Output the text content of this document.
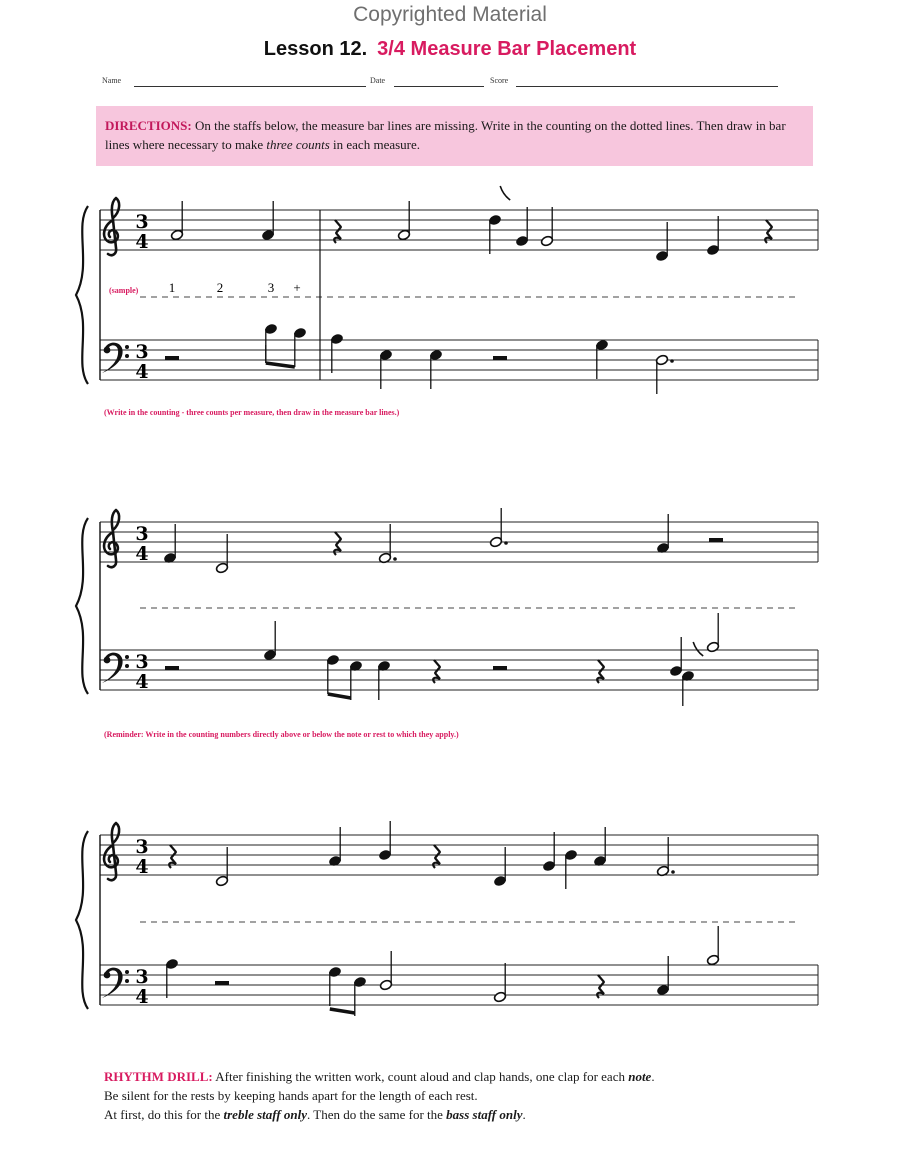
Copyrighted Material
Lesson 12. 3/4 Measure Bar Placement
Name	Date	Score
DIRECTIONS: On the staffs below, the measure bar lines are missing. Write in the counting on the dotted lines. Then draw in bar lines where necessary to make three counts in each measure.
3
4
3
4
(sample) 1	2	3 +
3
4
3
4
3
4
3
4
(Write in the counting - three counts per measure, then draw in the measure bar lines.)
(Reminder: Write in the counting numbers directly above or below the note or rest to which they apply.)
RHYTHM DRILL: After finishing the written work, count aloud and clap hands, one clap for each note.
Be silent for the rests by keeping hands apart for the length of each rest.
At first, do this for the treble staff only. Then do the same for the bass staff only.
